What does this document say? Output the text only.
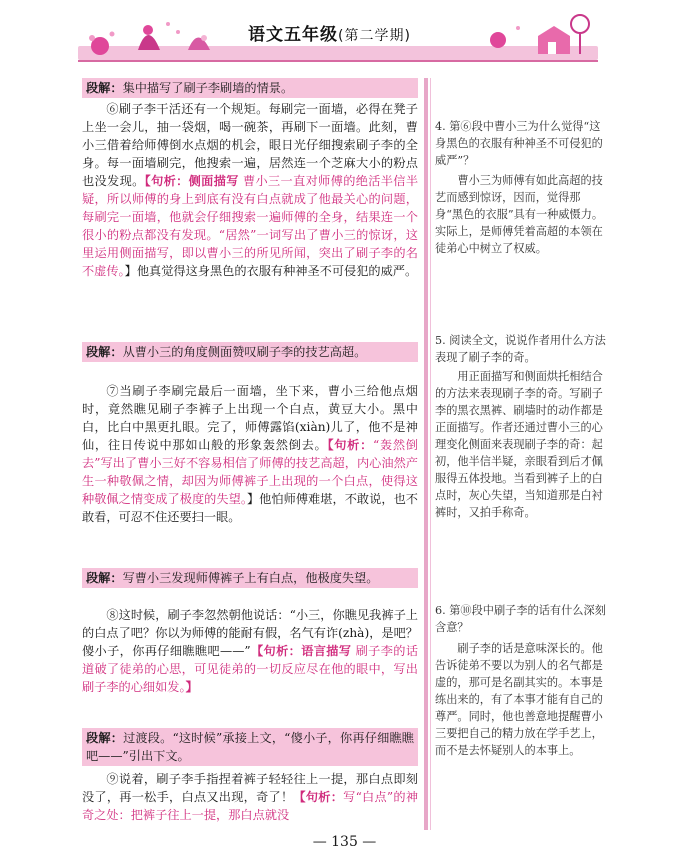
语文五年级(第二学期)
段解：集中描写了刷子李刷墙的情景。
⑥刷子李干活还有一个规矩。每刷完一面墙，必得在凳子上坐一会儿，抽一袋烟，喝一碗茶，再刷下一面墙。此刻，曹小三借着给师傅倒水点烟的机会，眼日光仔细搜索刷子李的全身。每一面墙刷完，他搜索一遍，居然连一个芝麻大小的粉点也没发现。【句析：侧面描写 曹小三一直对师傅的绝活半信半疑，所以师傅的身上到底有没有白点就成了他最关心的问题，每刷完一面墙，他就会仔细搜索一遍师傅的全身，结果连一个很小的粉点都没有发现。“居然”一词写出了曹小三的惊讶，这里运用侧面描写，即以曹小三的所见所闻，突出了刷子李的名不虚传。】他真觉得这身黑色的衣服有种神圣不可侵犯的威严。
段解：从曹小三的角度侧面赞叹刷子李的技艺高超。
⑦当刷子李刷完最后一面墙，坐下来，曹小三给他点烟时，竟然瞧见刷子李裤子上出现一个白点，黄豆大小。黑中白，比白中黑更扎眼。完了，师傅露馅(xiàn)儿了，他不是神仙，往日传说中那如山般的形象轰然倒去。【句析：“轰然倒去”写出了曹小三好不容易相信了师傅的技艺高超，内心油然产生一种敬佩之情，却因为师傅裤子上出现的一个白点，使得这种敬佩之情变成了极度的失望。】他怕师傅难堪，不敢说，也不敢看，可忍不住还要扫一眼。
段解：写曹小三发现师傅裤子上有白点，他极度失望。
⑧这时候，刷子李忽然朝他说话：“小三，你瞧见我裤子上的白点了吧？你以为师傅的能耐有假，名气有诈(zhà)，是吧？傻小子，你再仔细瞧瞧吧——”【句析：语言描写 刷子李的话道破了徒弟的心思，可见徒弟的一切反应尽在他的眼中，写出刷子李的心细如发。】
段解：过渡段。“这时候”承接上文，“傻小子，你再仔细瞧瞧吧——”引出下文。
⑨说着，刷子李手指捏着裤子轻轻往上一提，那白点即刻没了，再一松手，白点又出现，奇了！【句析：写“白点”的神奇之处：把裤子往上一提，那白点就没
4. 第⑥段中曹小三为什么觉得“这身黑色的衣服有种神圣不可侵犯的威严”？
曹小三为师傅有如此高超的技艺而感到惊讶，因而，觉得那身“黑色的衣服”具有一种威慑力。实际上，是师傅凭着高超的本领在徒弟心中树立了权威。
5. 阅读全文，说说作者用什么方法表现了刷子李的奇。
用正面描写和侧面烘托相结合的方法来表现刷子李的奇。写刷子李的黑衣黑裤、刷墙时的动作都是正面描写。作者还通过曹小三的心理变化侧面来表现刷子李的奇：起初，他半信半疑，亲眼看到后才佩服得五体投地。当看到裤子上的白点时，灰心失望，当知道那是白衬裤时，又拍手称奇。
6. 第⑩段中刷子李的话有什么深刻含意？
刷子李的话是意味深长的。他告诉徒弟不要以为别人的名气都是虚的，那可是名副其实的。本事是练出来的，有了本事才能有自己的尊严。同时，他也善意地提醒曹小三要把自己的精力放在学手艺上，而不是去怀疑别人的本事上。
— 135 —
